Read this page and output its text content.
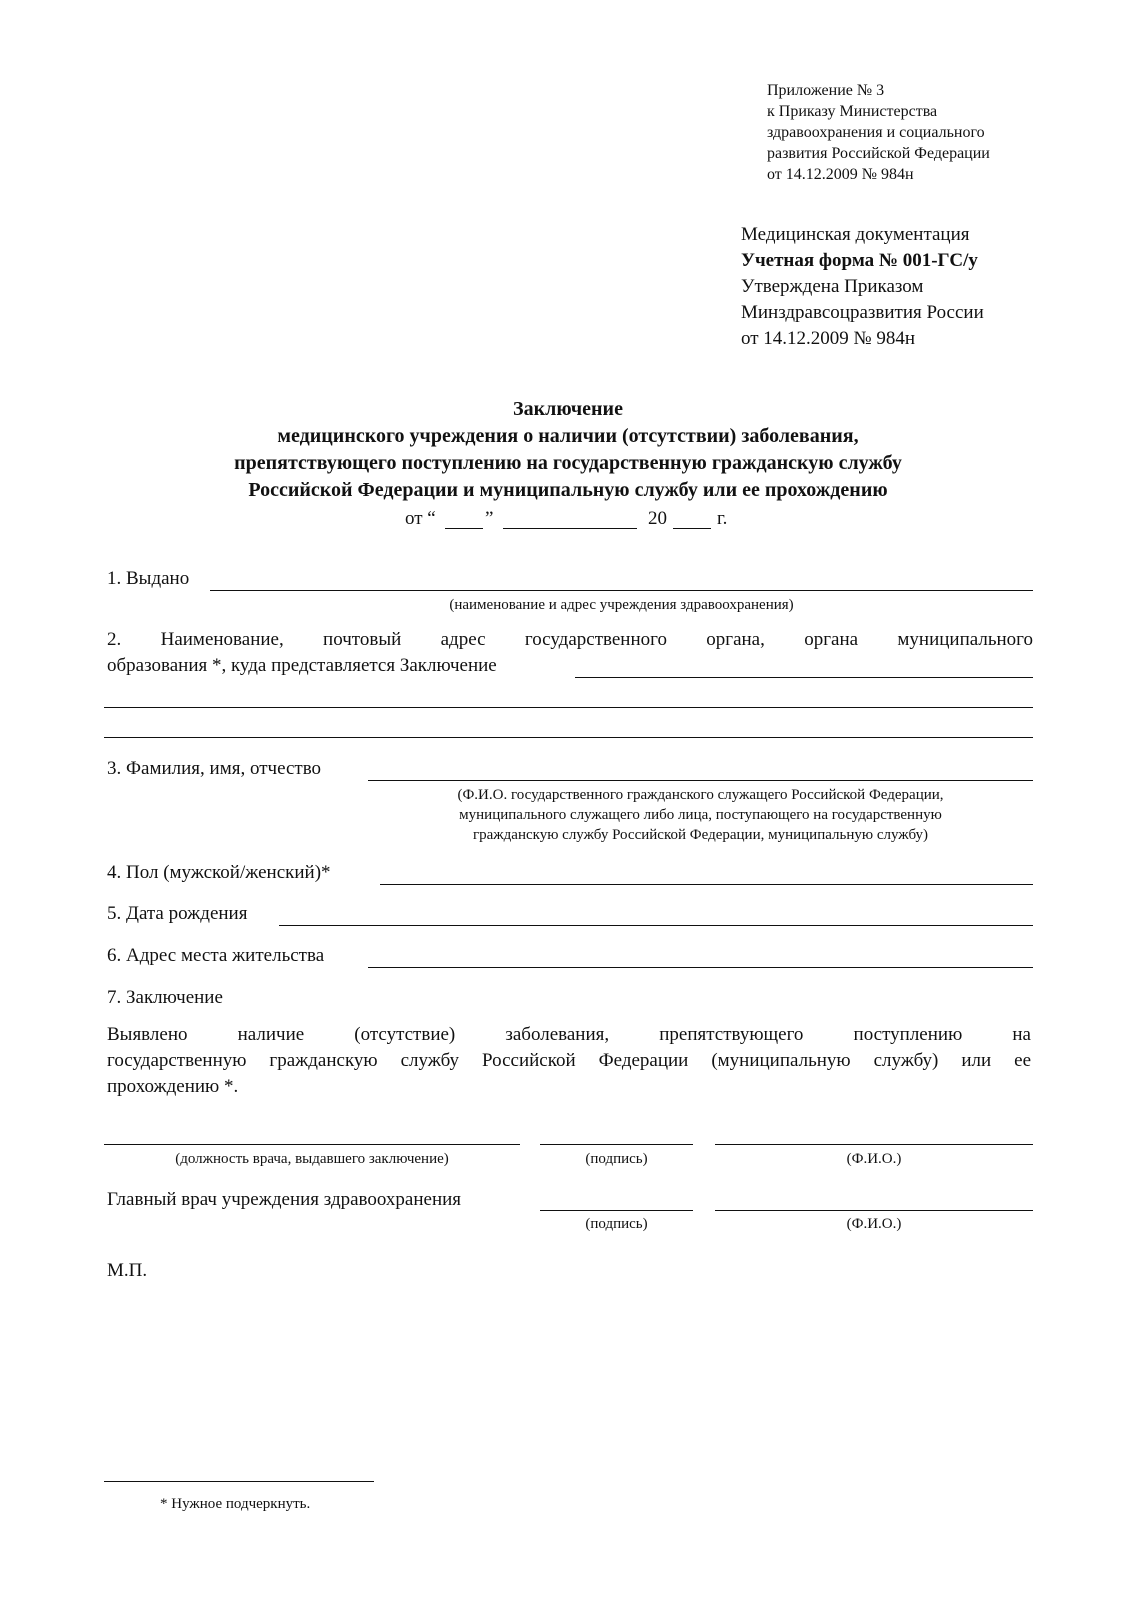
Приложение № 3
к Приказу Министерства
здравоохранения и социального
развития Российской Федерации
от 14.12.2009 № 984н
Медицинская документация
Учетная форма № 001-ГС/у
Утверждена Приказом
Минздравсоцразвития России
от 14.12.2009 № 984н
Заключение
медицинского учреждения о наличии (отсутствии) заболевания,
препятствующего поступлению на государственную гражданскую службу
Российской Федерации и муниципальную службу или ее прохождению
от “	”	20	г.
1. Выдано
(наименование и адрес учреждения здравоохранения)
2. Наименование, почтовый адрес государственного органа, органа муниципального
образования *, куда представляется Заключение
3. Фамилия, имя, отчество
(Ф.И.О. государственного гражданского служащего Российской Федерации,
муниципального служащего либо лица, поступающего на государственную
гражданскую службу Российской Федерации, муниципальную службу)
4. Пол (мужской/женский)*
5. Дата рождения
6. Адрес места жительства
7. Заключение
Выявлено наличие (отсутствие) заболевания, препятствующего поступлению на
государственную гражданскую службу Российской Федерации (муниципальную службу) или ее
прохождению *.
(должность врача, выдавшего заключение)	(подпись)	(Ф.И.О.)
Главный врач учреждения здравоохранения
(подпись)	(Ф.И.О.)
М.П.
* Нужное подчеркнуть.
